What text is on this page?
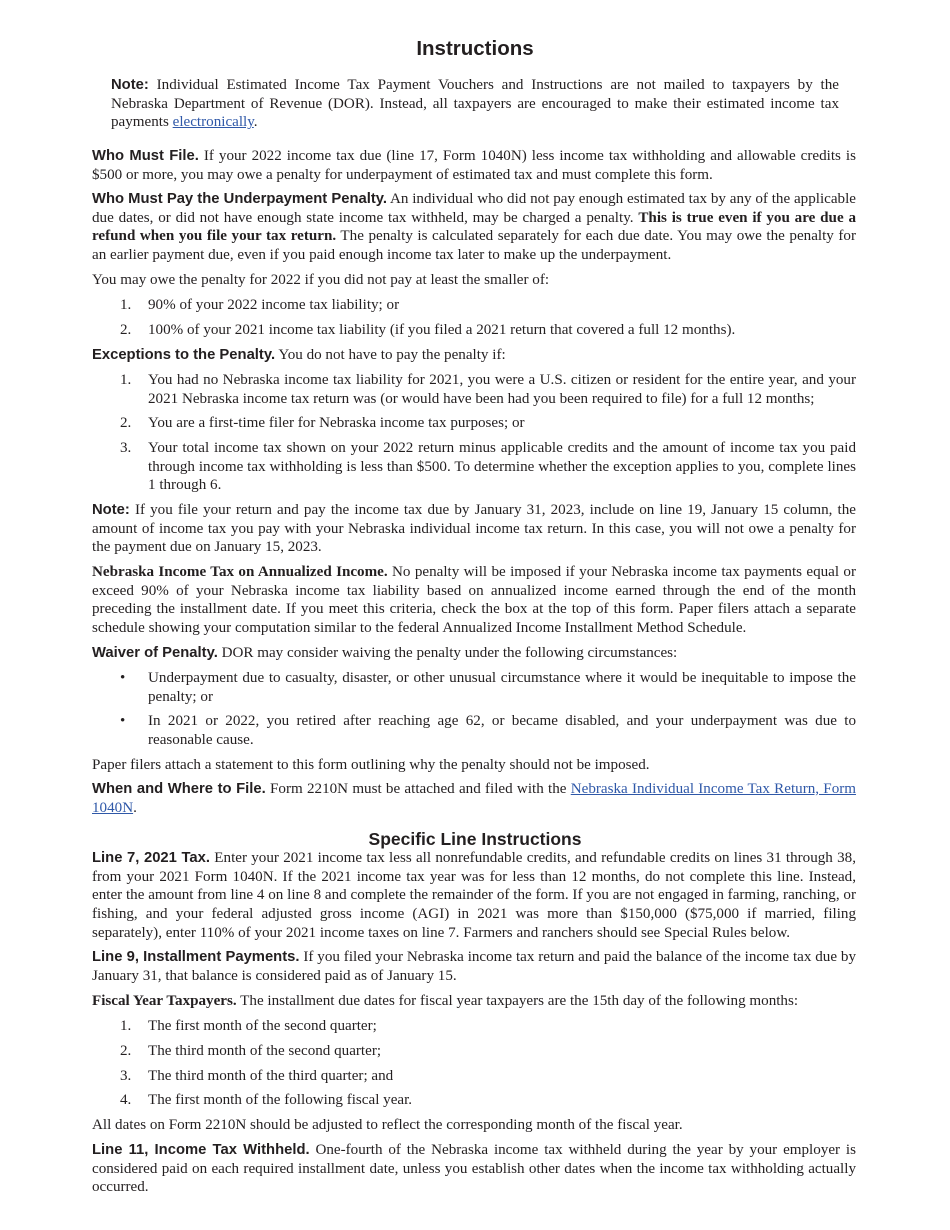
Instructions

Note: Individual Estimated Income Tax Payment Vouchers and Instructions are not mailed to taxpayers by the Nebraska Department of Revenue (DOR). Instead, all taxpayers are encouraged to make their estimated income tax payments electronically.

Who Must File. If your 2022 income tax due (line 17, Form 1040N) less income tax withholding and allowable credits is $500 or more, you may owe a penalty for underpayment of estimated tax and must complete this form.

Who Must Pay the Underpayment Penalty. An individual who did not pay enough estimated tax by any of the applicable due dates, or did not have enough state income tax withheld, may be charged a penalty. This is true even if you are due a refund when you file your tax return. The penalty is calculated separately for each due date. You may owe the penalty for an earlier payment due, even if you paid enough income tax later to make up the underpayment.

You may owe the penalty for 2022 if you did not pay at least the smaller of:

1.	90% of your 2022 income tax liability; or
2.	100% of your 2021 income tax liability (if you filed a 2021 return that covered a full 12 months).

Exceptions to the Penalty. You do not have to pay the penalty if:

1.	You had no Nebraska income tax liability for 2021, you were a U.S. citizen or resident for the entire year, and your 2021 Nebraska income tax return was (or would have been had you been required to file) for a full 12 months;
2.	You are a first-time filer for Nebraska income tax purposes; or
3.	Your total income tax shown on your 2022 return minus applicable credits and the amount of income tax you paid through income tax withholding is less than $500. To determine whether the exception applies to you, complete lines 1 through 6.

Note: If you file your return and pay the income tax due by January 31, 2023, include on line 19, January 15 column, the amount of income tax you pay with your Nebraska individual income tax return. In this case, you will not owe a penalty for the payment due on January 15, 2023.

Nebraska Income Tax on Annualized Income. No penalty will be imposed if your Nebraska income tax payments equal or exceed 90% of your Nebraska income tax liability based on annualized income earned through the end of the month preceding the installment date. If you meet this criteria, check the box at the top of this form. Paper filers attach a separate schedule showing your computation similar to the federal Annualized Income Installment Method Schedule.

Waiver of Penalty. DOR may consider waiving the penalty under the following circumstances:

•	Underpayment due to casualty, disaster, or other unusual circumstance where it would be inequitable to impose the penalty; or
•	In 2021 or 2022, you retired after reaching age 62, or became disabled, and your underpayment was due to reasonable cause.

Paper filers attach a statement to this form outlining why the penalty should not be imposed.

When and Where to File. Form 2210N must be attached and filed with the Nebraska Individual Income Tax Return, Form 1040N.

Specific Line Instructions

Line 7, 2021 Tax. Enter your 2021 income tax less all nonrefundable credits, and refundable credits on lines 31 through 38, from your 2021 Form 1040N. If the 2021 income tax year was for less than 12 months, do not complete this line. Instead, enter the amount from line 4 on line 8 and complete the remainder of the form. If you are not engaged in farming, ranching, or fishing, and your federal adjusted gross income (AGI) in 2021 was more than $150,000 ($75,000 if married, filing separately), enter 110% of your 2021 income taxes on line 7. Farmers and ranchers should see Special Rules below.

Line 9, Installment Payments. If you filed your Nebraska income tax return and paid the balance of the income tax due by January 31, that balance is considered paid as of January 15.

Fiscal Year Taxpayers. The installment due dates for fiscal year taxpayers are the 15th day of the following months:

1.	The first month of the second quarter;
2.	The third month of the second quarter;
3.	The third month of the third quarter; and
4.	The first month of the following fiscal year.

All dates on Form 2210N should be adjusted to reflect the corresponding month of the fiscal year.

Line 11, Income Tax Withheld. One-fourth of the Nebraska income tax withheld during the year by your employer is considered paid on each required installment date, unless you establish other dates when the income tax withholding actually occurred.
